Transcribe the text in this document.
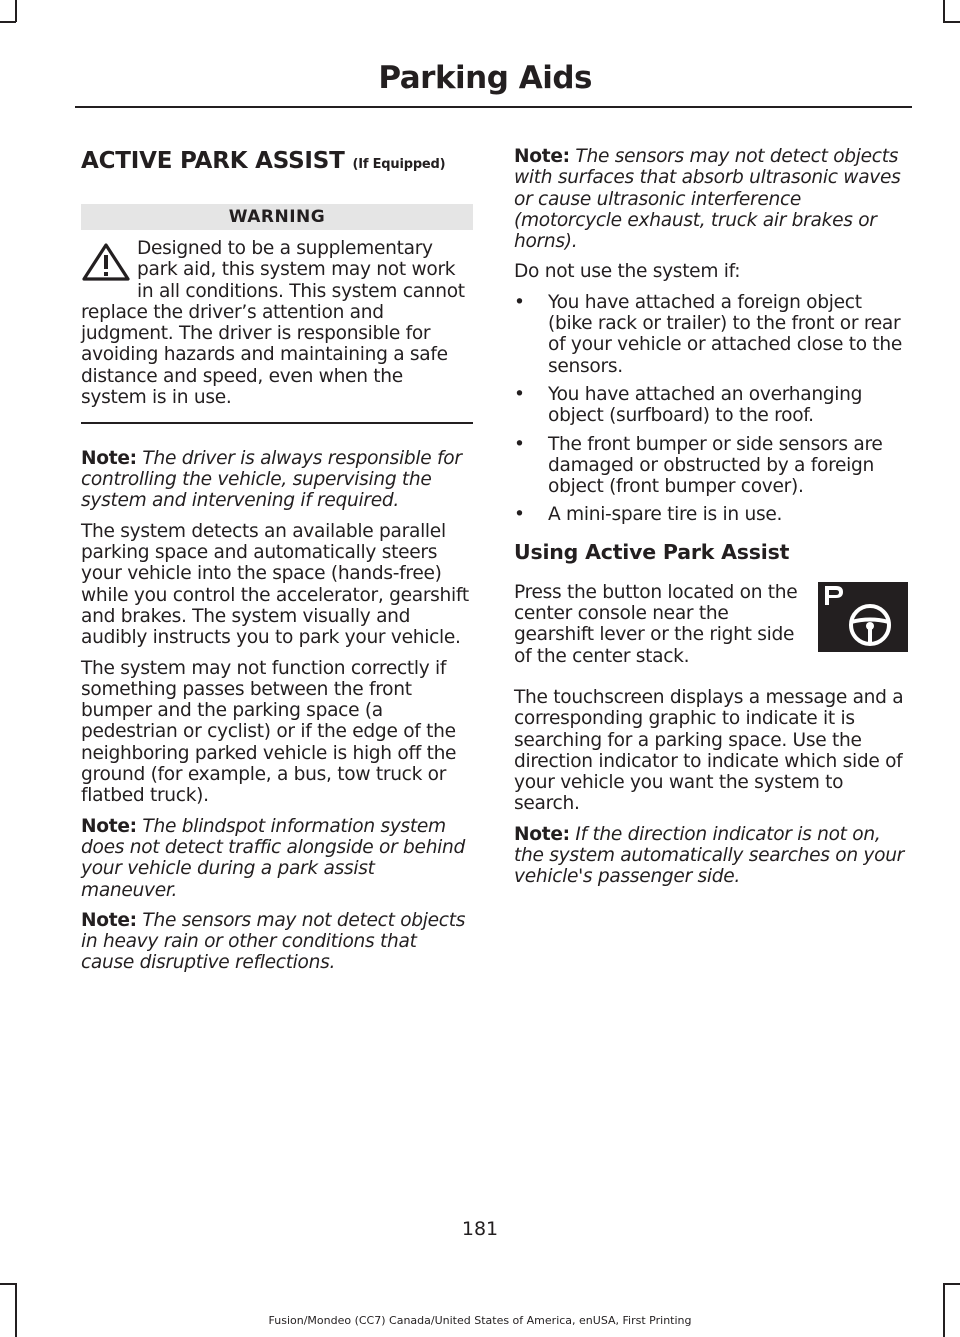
Parking Aids
ACTIVE PARK ASSIST (If Equipped)
WARNING

Designed to be a supplementary park aid, this system may not work in all conditions. This system cannot replace the driver’s attention and judgment. The driver is responsible for avoiding hazards and maintaining a safe distance and speed, even when the system is in use.

Note: The driver is always responsible for controlling the vehicle, supervising the system and intervening if required.

The system detects an available parallel parking space and automatically steers your vehicle into the space (hands-free) while you control the accelerator, gearshift and brakes. The system visually and audibly instructs you to park your vehicle.

The system may not function correctly if something passes between the front bumper and the parking space (a pedestrian or cyclist) or if the edge of the neighboring parked vehicle is high off the ground (for example, a bus, tow truck or flatbed truck).

Note: The blindspot information system does not detect traffic alongside or behind your vehicle during a park assist maneuver.

Note: The sensors may not detect objects in heavy rain or other conditions that cause disruptive reflections.

Note: The sensors may not detect objects with surfaces that absorb ultrasonic waves or cause ultrasonic interference (motorcycle exhaust, truck air brakes or horns).

Do not use the system if:

• You have attached a foreign object (bike rack or trailer) to the front or rear of your vehicle or attached close to the sensors.
• You have attached an overhanging object (surfboard) to the roof.
• The front bumper or side sensors are damaged or obstructed by a foreign object (front bumper cover).
• A mini-spare tire is in use.
Using Active Park Assist

Press the button located on the center console near the gearshift lever or the right side of the center stack.

The touchscreen displays a message and a corresponding graphic to indicate it is searching for a parking space. Use the direction indicator to indicate which side of your vehicle you want the system to search.

Note: If the direction indicator is not on, the system automatically searches on your vehicle's passenger side.

181
Fusion/Mondeo (CC7) Canada/United States of America, enUSA, First Printing
